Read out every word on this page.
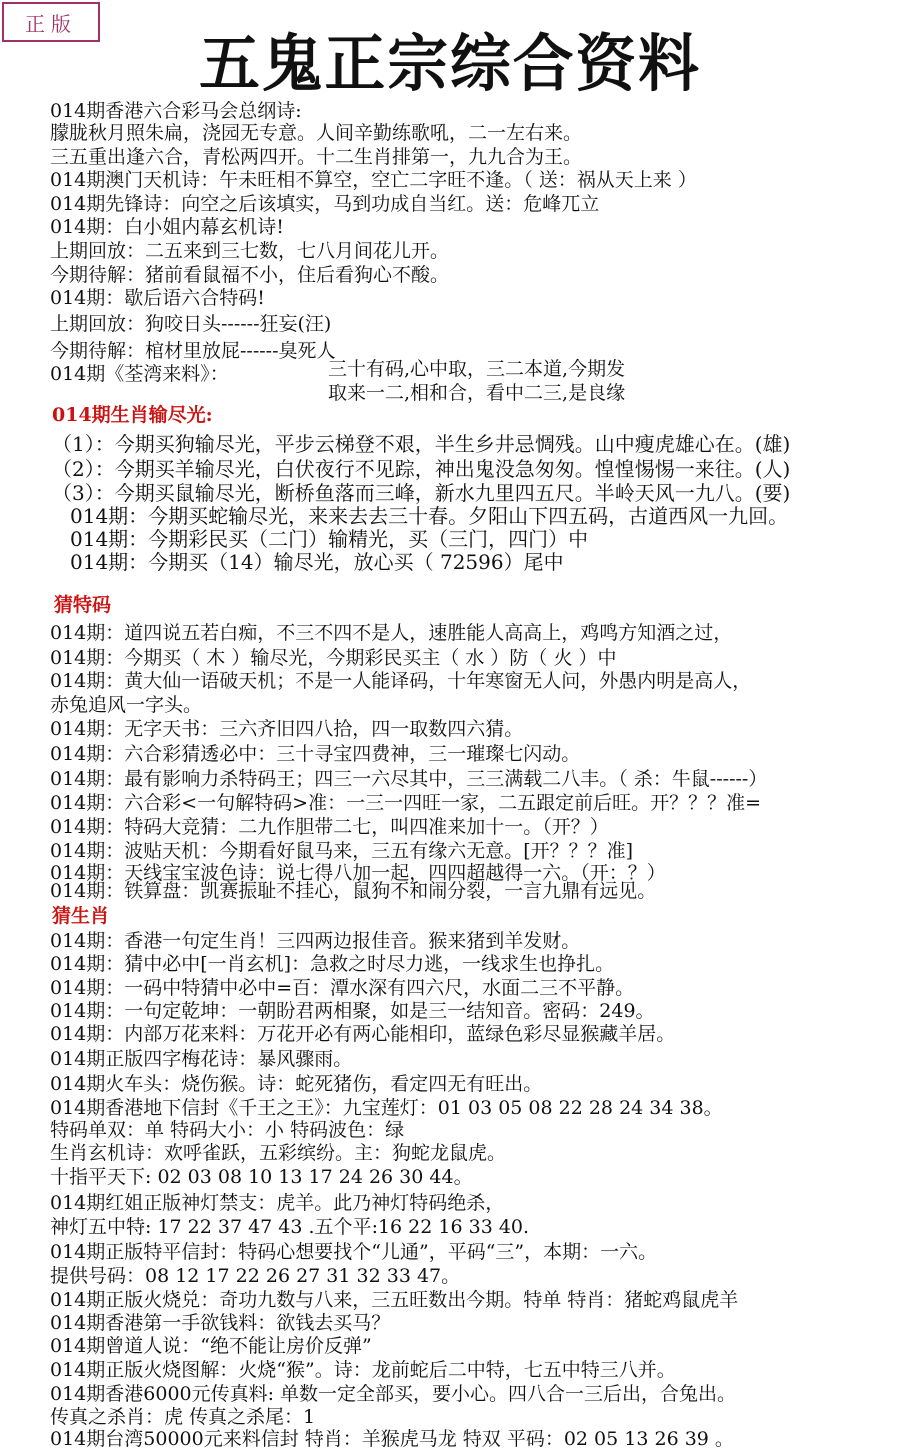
正版
五鬼正宗综合资料
014期香港六合彩马会总纲诗:
朦胧秋月照朱扁，浇园无专意。人间辛勤练歌吼，二一左右来。
三五重出逢六合，青松两四开。十二生肖排第一，九九合为王。
014期澳门天机诗：午未旺相不算空，空亡二字旺不逢。（ 送：祸从天上来 ）
014期先锋诗：向空之后该填实，马到功成自当红。送：危峰兀立
014期：白小姐内幕玄机诗!
上期回放：二五来到三七数，七八月间花儿开。
今期待解：猪前看鼠福不小，住后看狗心不酸。
014期：歇后语六合特码!
上期回放：狗咬日头------狂妄(汪)
今期待解：棺材里放屁------臭死人
014期《荃湾来料》：	三十有码,心中取，三二本道,今期发
取来一二,相和合，看中二三,是良缘
014期生肖输尽光:
（1）：今期买狗输尽光，平步云梯登不艰，半生乡井忌惆残。山中瘦虎雄心在。(雄)
（2）：今期买羊输尽光，白伏夜行不见踪，神出鬼没急匆匆。惶惶惕惕一来往。(人)
（3）：今期买鼠输尽光，断桥鱼落而三峰，新水九里四五尺。半岭天风一九八。(要)
014期：今期买蛇输尽光，来来去去三十春。夕阳山下四五码，古道西风一九回。
014期：今期彩民买（二门）输精光，买（三门，四门）中
014期：今期买（14）输尽光，放心买（ 72596）尾中
猜特码
014期：道四说五若白痴，不三不四不是人，速胜能人高高上，鸡鸣方知酒之过，
014期：今期买（ 木 ）输尽光，今期彩民买主（ 水 ）防（ 火 ）中
014期：黄大仙一语破天机；不是一人能译码，十年寒窗无人问，外愚内明是高人，
赤兔追风一字头。
014期：无字天书：三六齐旧四八拾，四一取数四六猜。
014期：六合彩猜透必中：三十寻宝四费神，三一璀璨七闪动。
014期：最有影响力杀特码王；四三一六尽其中，三三满载二八丰。（ 杀：牛鼠------）
014期：六合彩<一句解特码>准：一三一四旺一家，二五跟定前后旺。开？？？准=
014期：特码大竞猜：二九作胆带二七，叫四准来加十一。（开？）
014期：波贴天机：今期看好鼠马来，三五有缘六无意。[开？？？准]
014期：天线宝宝波色诗：说七得八加一起，四四超越得一六。（开：？）
014期：铁算盘：凯赛振耻不挂心，鼠狗不和闹分裂，一言九鼎有远见。
猜生肖
014期：香港一句定生肖！三四两边报佳音。猴来猪到羊发财。
014期：猜中必中[一肖玄机]：急救之时尽力逃，一线求生也挣扎。
014期：一码中特猜中必中=百：潭水深有四六尺，水面二三不平静。
014期：一句定乾坤：一朝盼君两相聚，如是三一结知音。密码：249。
014期：内部万花来料：万花开必有两心能相印，蓝绿色彩尽显猴藏羊居。
014期正版四字梅花诗：暴风骤雨。
014期火车头：烧伤猴。诗：蛇死猪伤，看定四无有旺出。
014期香港地下信封《千王之王》：九宝莲灯：01 03 05 08 22 28 24 34 38。
特码单双：单 特码大小：小 特码波色：绿
生肖玄机诗：欢呼雀跃，五彩缤纷。主：狗蛇龙鼠虎。
十指平天下: 02 03 08 10 13 17 24 26 30 44。
014期红姐正版神灯禁支：虎羊。此乃神灯特码绝杀，
神灯五中特: 17 22 37 47 43 .五个平:16 22 16 33 40.
014期正版特平信封：特码心想要找个“儿通”，平码“三”，本期：一六。
提供号码：08 12 17 22 26 27 31 32 33 47。
014期正版火烧兑：奇功九数与八来，三五旺数出今期。特单 特肖：猪蛇鸡鼠虎羊
014期香港第一手欲钱料：欲钱去买马？
014期曾道人说：“绝不能让房价反弹”
014期正版火烧图解：火烧“猴”。诗：龙前蛇后二中特，七五中特三八并。
014期香港6000元传真料: 单数一定全部买，要小心。四八合一三后出，合兔出。
传真之杀肖：虎 传真之杀尾：1
014期台湾50000元来料信封 特肖：羊猴虎马龙 特双 平码：02 05 13 26 39 。
